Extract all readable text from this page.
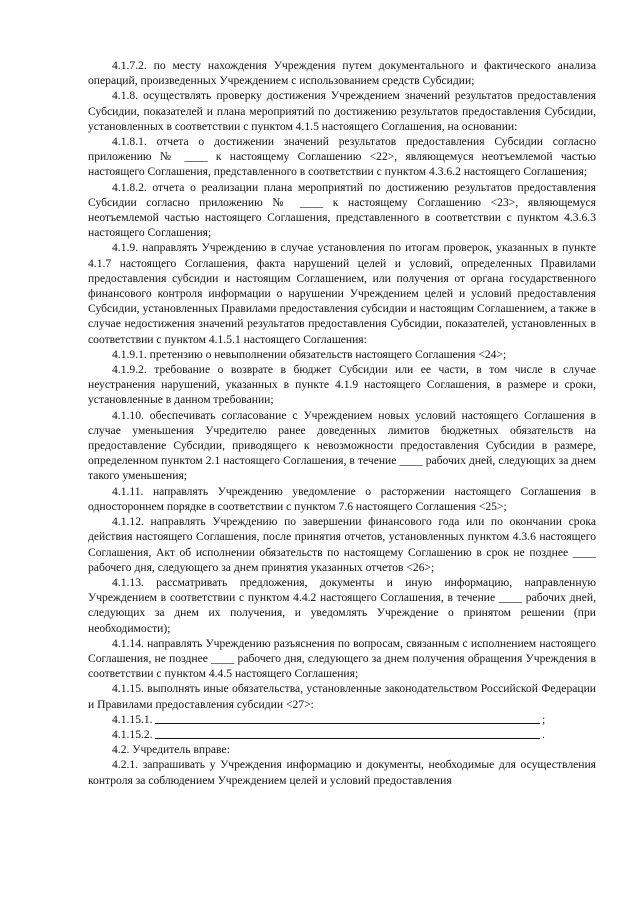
4.1.7.2. по месту нахождения Учреждения путем документального и фактического анализа операций, произведенных Учреждением с использованием средств Субсидии;

4.1.8. осуществлять проверку достижения Учреждением значений результатов предоставления Субсидии, показателей и плана мероприятий по достижению результатов предоставления Субсидии, установленных в соответствии с пунктом 4.1.5 настоящего Соглашения, на основании:

4.1.8.1. отчета о достижении значений результатов предоставления Субсидии согласно приложению № ____ к настоящему Соглашению <22>, являющемуся неотъемлемой частью настоящего Соглашения, представленного в соответствии с пунктом 4.3.6.2 настоящего Соглашения;

4.1.8.2. отчета о реализации плана мероприятий по достижению результатов предоставления Субсидии согласно приложению № ____ к настоящему Соглашению <23>, являющемуся неотъемлемой частью настоящего Соглашения, представленного в соответствии с пунктом 4.3.6.3 настоящего Соглашения;

4.1.9. направлять Учреждению в случае установления по итогам проверок, указанных в пункте 4.1.7 настоящего Соглашения, факта нарушений целей и условий, определенных Правилами предоставления субсидии и настоящим Соглашением, или получения от органа государственного финансового контроля информации о нарушении Учреждением целей и условий предоставления Субсидии, установленных Правилами предоставления субсидии и настоящим Соглашением, а также в случае недостижения значений результатов предоставления Субсидии, показателей, установленных в соответствии с пунктом 4.1.5.1 настоящего Соглашения:

4.1.9.1. претензию о невыполнении обязательств настоящего Соглашения <24>;

4.1.9.2. требование о возврате в бюджет Субсидии или ее части, в том числе в случае неустранения нарушений, указанных в пункте 4.1.9 настоящего Соглашения, в размере и сроки, установленные в данном требовании;

4.1.10. обеспечивать согласование с Учреждением новых условий настоящего Соглашения в случае уменьшения Учредителю ранее доведенных лимитов бюджетных обязательств на предоставление Субсидии, приводящего к невозможности предоставления Субсидии в размере, определенном пунктом 2.1 настоящего Соглашения, в течение ____ рабочих дней, следующих за днем такого уменьшения;

4.1.11. направлять Учреждению уведомление о расторжении настоящего Соглашения в одностороннем порядке в соответствии с пунктом 7.6 настоящего Соглашения <25>;

4.1.12. направлять Учреждению по завершении финансового года или по окончании срока действия настоящего Соглашения, после принятия отчетов, установленных пунктом 4.3.6 настоящего Соглашения, Акт об исполнении обязательств по настоящему Соглашению в срок не позднее ____ рабочего дня, следующего за днем принятия указанных отчетов <26>;

4.1.13. рассматривать предложения, документы и иную информацию, направленную Учреждением в соответствии с пунктом 4.4.2 настоящего Соглашения, в течение ____ рабочих дней, следующих за днем их получения, и уведомлять Учреждение о принятом решении (при необходимости);

4.1.14. направлять Учреждению разъяснения по вопросам, связанным с исполнением настоящего Соглашения, не позднее ____ рабочего дня, следующего за днем получения обращения Учреждения в соответствии с пунктом 4.4.5 настоящего Соглашения;

4.1.15. выполнять иные обязательства, установленные законодательством Российской Федерации и Правилами предоставления субсидии <27>:

4.1.15.1.	;
4.1.15.2.	.

4.2. Учредитель вправе:

4.2.1. запрашивать у Учреждения информацию и документы, необходимые для осуществления контроля за соблюдением Учреждением целей и условий предоставления
